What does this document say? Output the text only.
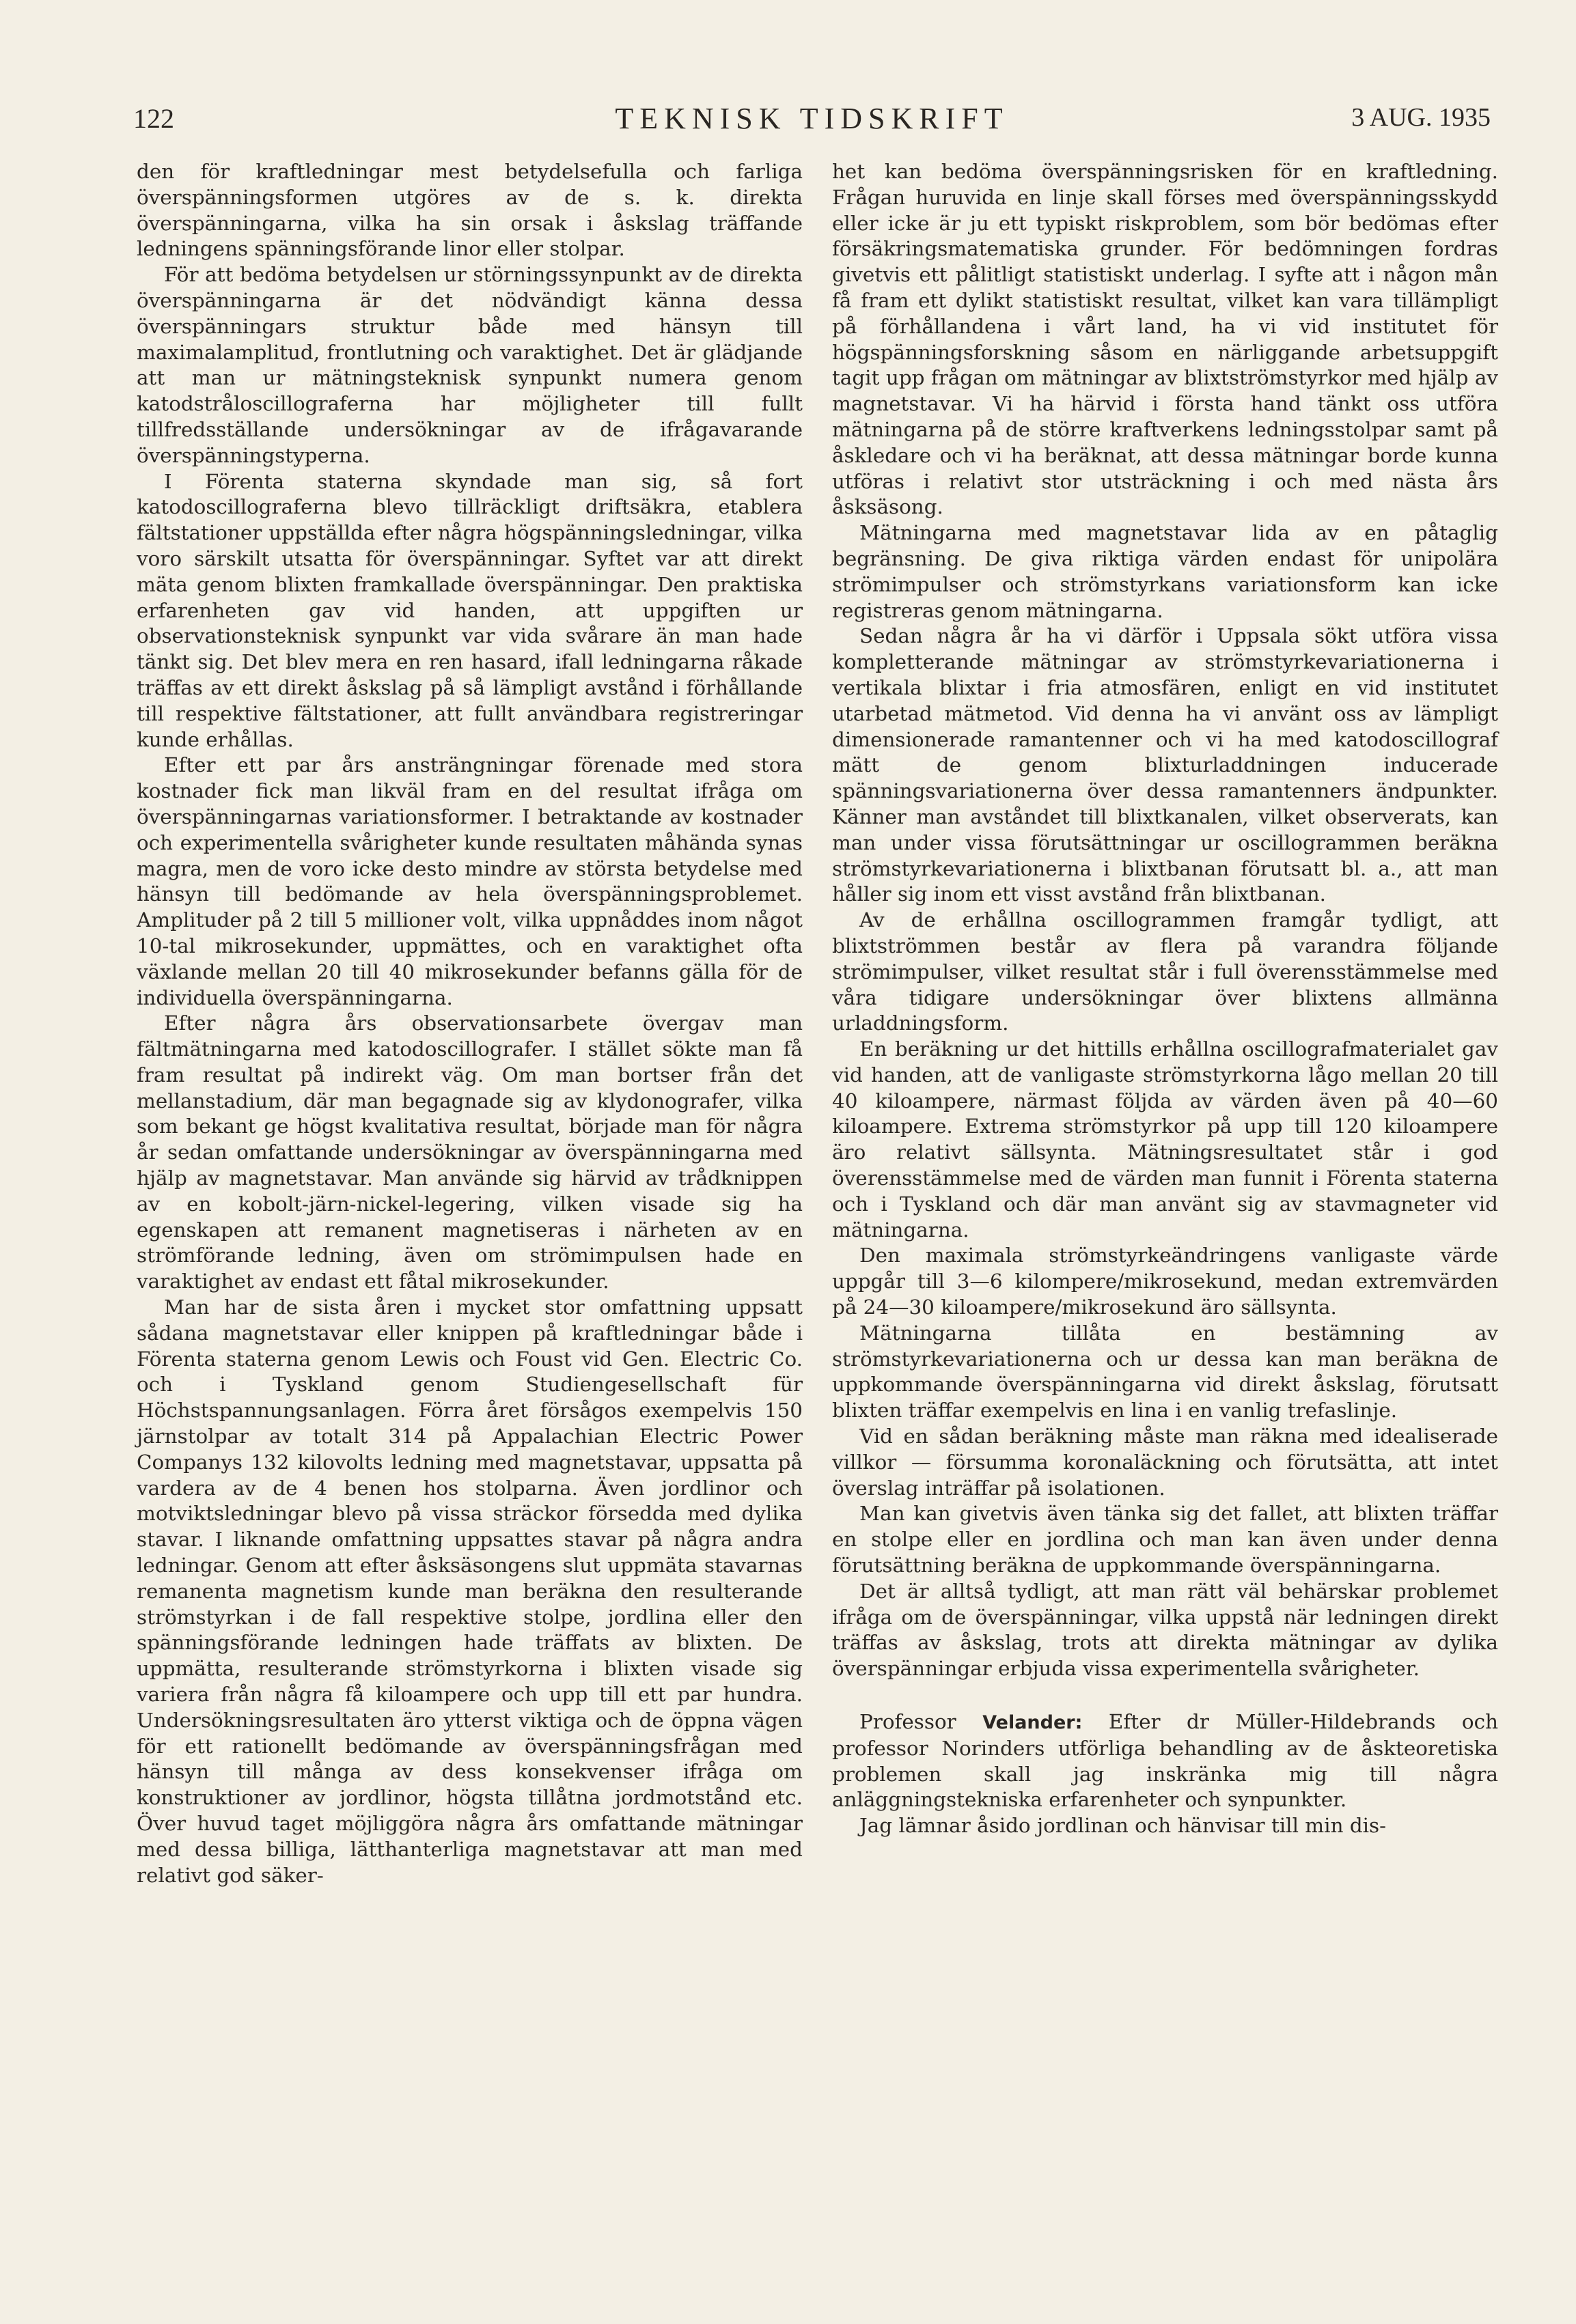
122	TEKNISK TIDSKRIFT	3 AUG. 1935

den för kraftledningar mest betydelsefulla och farliga överspänningsformen utgöres av de s. k. direkta överspänningarna, vilka ha sin orsak i åskslag träffande ledningens spänningsförande linor eller stolpar.

För att bedöma betydelsen ur störningssynpunkt av de direkta överspänningarna är det nödvändigt känna dessa överspänningars struktur både med hänsyn till maximalamplitud, frontlutning och varaktighet. Det är glädjande att man ur mätningsteknisk synpunkt numera genom katodstråloscillograferna har möjligheter till fullt tillfredsställande undersökningar av de ifrågavarande överspänningstyperna.

I Förenta staterna skyndade man sig, så fort katodoscillograferna blevo tillräckligt driftsäkra, etablera fältstationer uppställda efter några högspänningsledningar, vilka voro särskilt utsatta för överspänningar. Syftet var att direkt mäta genom blixten framkallade överspänningar. Den praktiska erfarenheten gav vid handen, att uppgiften ur observationsteknisk synpunkt var vida svårare än man hade tänkt sig. Det blev mera en ren hasard, ifall ledningarna råkade träffas av ett direkt åskslag på så lämpligt avstånd i förhållande till respektive fältstationer, att fullt användbara registreringar kunde erhållas.

Efter ett par års ansträngningar förenade med stora kostnader fick man likväl fram en del resultat ifråga om överspänningarnas variationsformer. I betraktande av kostnader och experimentella svårigheter kunde resultaten måhända synas magra, men de voro icke desto mindre av största betydelse med hänsyn till bedömande av hela överspänningsproblemet. Amplituder på 2 till 5 millioner volt, vilka uppnåddes inom något 10-tal mikrosekunder, uppmättes, och en varaktighet ofta växlande mellan 20 till 40 mikrosekunder befanns gälla för de individuella överspänningarna.

Efter några års observationsarbete övergav man fältmätningarna med katodoscillografer. I stället sökte man få fram resultat på indirekt väg. Om man bortser från det mellanstadium, där man begagnade sig av klydonografer, vilka som bekant ge högst kvalitativa resultat, började man för några år sedan omfattande undersökningar av överspänningarna med hjälp av magnetstavar. Man använde sig härvid av trådknippen av en kobolt-järn-nickel-legering, vilken visade sig ha egenskapen att remanent magnetiseras i närheten av en strömförande ledning, även om strömimpulsen hade en varaktighet av endast ett fåtal mikrosekunder.

Man har de sista åren i mycket stor omfattning uppsatt sådana magnetstavar eller knippen på kraftledningar både i Förenta staterna genom Lewis och Foust vid Gen. Electric Co. och i Tyskland genom Studiengesellschaft für Höchstspannungsanlagen. Förra året försågos exempelvis 150 järnstolpar av totalt 314 på Appalachian Electric Power Companys 132 kilovolts ledning med magnetstavar, uppsatta på vardera av de 4 benen hos stolparna. Även jordlinor och motviktsledningar blevo på vissa sträckor försedda med dylika stavar. I liknande omfattning uppsattes stavar på några andra ledningar. Genom att efter åsksäsongens slut uppmäta stavarnas remanenta magnetism kunde man beräkna den resulterande strömstyrkan i de fall respektive stolpe, jordlina eller den spänningsförande ledningen hade träffats av blixten. De uppmätta, resulterande strömstyrkorna i blixten visade sig variera från några få kiloampere och upp till ett par hundra. Undersökningsresultaten äro ytterst viktiga och de öppna vägen för ett rationellt bedömande av överspänningsfrågan med hänsyn till många av dess konsekvenser ifråga om konstruktioner av jordlinor, högsta tillåtna jordmotstånd etc. Över huvud taget möjliggöra några års omfattande mätningar med dessa billiga, lätthanterliga magnetstavar att man med relativt god säker-

het kan bedöma överspänningsrisken för en kraftledning. Frågan huruvida en linje skall förses med överspänningsskydd eller icke är ju ett typiskt riskproblem, som bör bedömas efter försäkringsmatematiska grunder. För bedömningen fordras givetvis ett pålitligt statistiskt underlag. I syfte att i någon mån få fram ett dylikt statistiskt resultat, vilket kan vara tillämpligt på förhållandena i vårt land, ha vi vid institutet för högspänningsforskning såsom en närliggande arbetsuppgift tagit upp frågan om mätningar av blixtströmstyrkor med hjälp av magnetstavar. Vi ha härvid i första hand tänkt oss utföra mätningarna på de större kraftverkens ledningsstolpar samt på åskledare och vi ha beräknat, att dessa mätningar borde kunna utföras i relativt stor utsträckning i och med nästa års åsksäsong.

Mätningarna med magnetstavar lida av en påtaglig begränsning. De giva riktiga värden endast för unipolära strömimpulser och strömstyrkans variationsform kan icke registreras genom mätningarna.

Sedan några år ha vi därför i Uppsala sökt utföra vissa kompletterande mätningar av strömstyrkevariationerna i vertikala blixtar i fria atmosfären, enligt en vid institutet utarbetad mätmetod. Vid denna ha vi använt oss av lämpligt dimensionerade ramantenner och vi ha med katodoscillograf mätt de genom blixturladdningen inducerade spänningsvariationerna över dessa ramantenners ändpunkter. Känner man avståndet till blixtkanalen, vilket observerats, kan man under vissa förutsättningar ur oscillogrammen beräkna strömstyrkevariationerna i blixtbanan förutsatt bl. a., att man håller sig inom ett visst avstånd från blixtbanan.

Av de erhållna oscillogrammen framgår tydligt, att blixtströmmen består av flera på varandra följande strömimpulser, vilket resultat står i full överensstämmelse med våra tidigare undersökningar över blixtens allmänna urladdningsform.

En beräkning ur det hittills erhållna oscillografmaterialet gav vid handen, att de vanligaste strömstyrkorna lågo mellan 20 till 40 kiloampere, närmast följda av värden även på 40—60 kiloampere. Extrema strömstyrkor på upp till 120 kiloampere äro relativt sällsynta. Mätningsresultatet står i god överensstämmelse med de värden man funnit i Förenta staterna och i Tyskland och där man använt sig av stavmagneter vid mätningarna.

Den maximala strömstyrkeändringens vanligaste värde uppgår till 3—6 kilompere/mikrosekund, medan extremvärden på 24—30 kiloampere/mikrosekund äro sällsynta.

Mätningarna tillåta en bestämning av strömstyrkevariationerna och ur dessa kan man beräkna de uppkommande överspänningarna vid direkt åskslag, förutsatt blixten träffar exempelvis en lina i en vanlig trefaslinje.

Vid en sådan beräkning måste man räkna med idealiserade villkor — försumma koronaläckning och förutsätta, att intet överslag inträffar på isolationen.

Man kan givetvis även tänka sig det fallet, att blixten träffar en stolpe eller en jordlina och man kan även under denna förutsättning beräkna de uppkommande överspänningarna.

Det är alltså tydligt, att man rätt väl behärskar problemet ifråga om de överspänningar, vilka uppstå när ledningen direkt träffas av åskslag, trots att direkta mätningar av dylika överspänningar erbjuda vissa experimentella svårigheter.

Professor Velander: Efter dr Müller-Hildebrands och professor Norinders utförliga behandling av de åskteoretiska problemen skall jag inskränka mig till några anläggningstekniska erfarenheter och synpunkter.

Jag lämnar åsido jordlinan och hänvisar till min dis-
